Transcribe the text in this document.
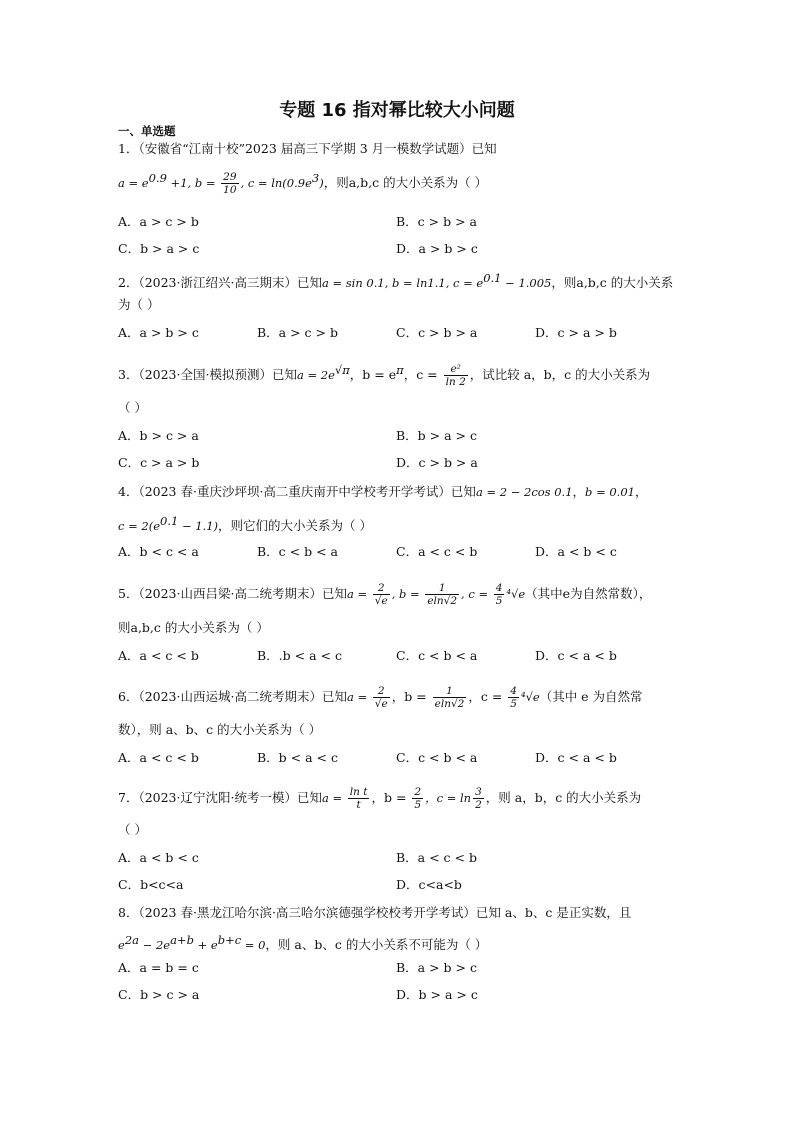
专题 16 指对幂比较大小问题
一、单选题
1．（安徽省“江南十校”2023 届高三下学期 3 月一模数学试题）已知
$a = e^{0.9} +1$, $b = \frac{29}{10}$ , $c = \ln(0.9e^3)$，则a,b,c 的大小关系为（ ）
A．a > c > b	B．c > b > a
C．b > a > c	D．a > b > c
2．（2023·浙江绍兴·高三期末）已知a = sin 0.1, b = ln1.1, $c = e^{0.1} - 1.005$，则a,b,c 的大小关系
为（ ）
A．a > b > c	B．a > c > b	C．c > b > a	D．c > a > b
3．（2023·全国·模拟预测）已知$a = 2e^{√\pi}$，$b = e^\pi$，$c = \frac{\text{e²}}{\ln 2}$ ，试比较 a，b，c 的大小关系为
（ ）
A．b > c > a	B．b > a > c
C．c > a > b	D．c > b > a
4．（2023 春·重庆沙坪坝·高二重庆南开中学校考开学考试）已知a = 2 − 2cos 0.1，b = 0.01，
$c = 2(e^{0.1} - 1.1)$，则它们的大小关系为（ ）
A．b < c < a	B．c < b < a	C．a < c < b	D．a < b < c
5．（2023·山西吕梁·高二统考期末）已知$a = \frac{2}{√e}$ , $b = \frac{1}{eln√2}$ , $c = \frac{4}{5} ^4√e$（其中e为自然常数），
则a,b,c 的大小关系为（ ）
A．a < c < b	B．.b < a < c	C．c < b < a	D．c < a < b
6．（2023·山西运城·高二统考期末）已知$a = \frac{2}{√e}$ ，$b = \frac{1}{eln√2}$ ，$c = \frac{4}{5} ^4√e$（其中 e 为自然常
数），则 a、b、c 的大小关系为（ ）
A．a < c < b	B．b < a < c	C．c < b < a	D．c < a < b
7．（2023·辽宁沈阳·统考一模）已知$a = \frac{\text{ln t}}{t}$ ，$b = \frac{2}{5}$ ，$c = \ln \frac{3}{2}$ ，则 a，b，c 的大小关系为
（ ）
A．a < b < c	B．a < c < b
C．b<c<a	D．c<a<b
8．（2023 春·黑龙江哈尔滨·高三哈尔滨德强学校校考开学考试）已知 a、b、c 是正实数，且
$e^{2a} - 2e^{a+b} + e^{b+c} = 0$，则 a、b、c 的大小关系不可能为（ ）
A．a = b = c	B．a > b > c
C．b > c > a	D．b > a > c
